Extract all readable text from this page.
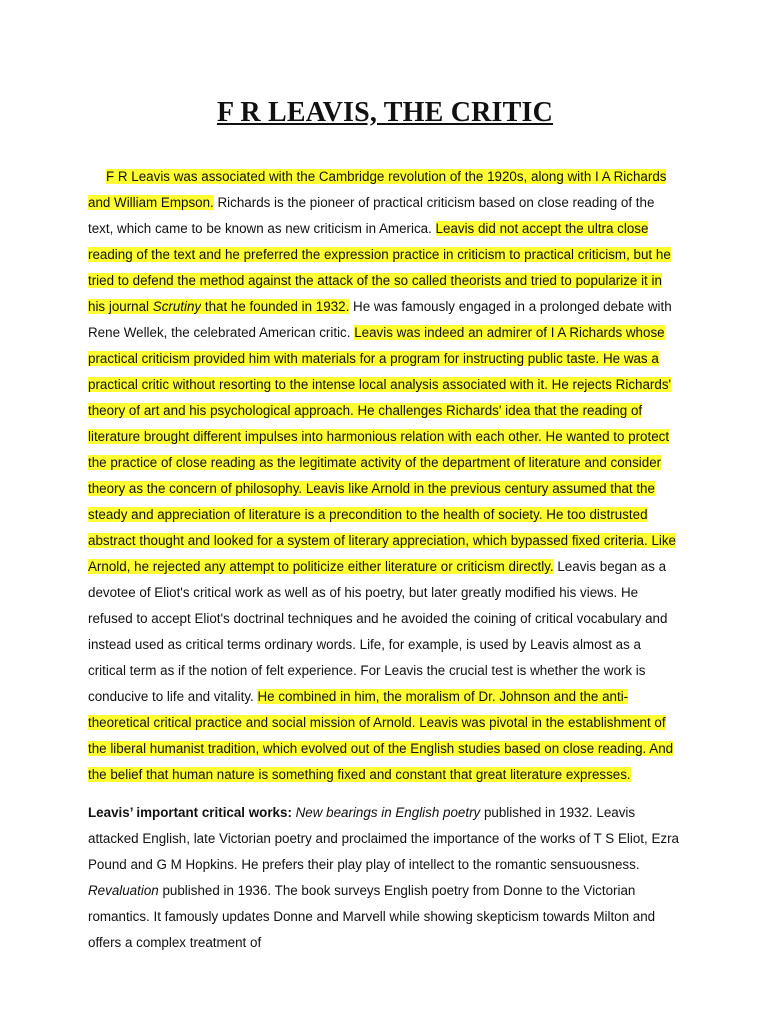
F R LEAVIS, THE CRITIC

F R Leavis was associated with the Cambridge revolution of the 1920s, along with I A Richards and William Empson. Richards is the pioneer of practical criticism based on close reading of the text, which came to be known as new criticism in America. Leavis did not accept the ultra close reading of the text and he preferred the expression practice in criticism to practical criticism, but he tried to defend the method against the attack of the so called theorists and tried to popularize it in his journal Scrutiny that he founded in 1932. He was famously engaged in a prolonged debate with Rene Wellek, the celebrated American critic. Leavis was indeed an admirer of I A Richards whose practical criticism provided him with materials for a program for instructing public taste. He was a practical critic without resorting to the intense local analysis associated with it. He rejects Richards' theory of art and his psychological approach. He challenges Richards' idea that the reading of literature brought different impulses into harmonious relation with each other. He wanted to protect the practice of close reading as the legitimate activity of the department of literature and consider theory as the concern of philosophy. Leavis like Arnold in the previous century assumed that the steady and appreciation of literature is a precondition to the health of society. He too distrusted abstract thought and looked for a system of literary appreciation, which bypassed fixed criteria. Like Arnold, he rejected any attempt to politicize either literature or criticism directly. Leavis began as a devotee of Eliot's critical work as well as of his poetry, but later greatly modified his views. He refused to accept Eliot's doctrinal techniques and he avoided the coining of critical vocabulary and instead used as critical terms ordinary words. Life, for example, is used by Leavis almost as a critical term as if the notion of felt experience. For Leavis the crucial test is whether the work is conducive to life and vitality. He combined in him, the moralism of Dr. Johnson and the anti-theoretical critical practice and social mission of Arnold. Leavis was pivotal in the establishment of the liberal humanist tradition, which evolved out of the English studies based on close reading. And the belief that human nature is something fixed and constant that great literature expresses.

Leavis’ important critical works: New bearings in English poetry published in 1932. Leavis attacked English, late Victorian poetry and proclaimed the importance of the works of T S Eliot, Ezra Pound and G M Hopkins. He prefers their play play of intellect to the romantic sensuousness. Revaluation published in 1936. The book surveys English poetry from Donne to the Victorian romantics. It famously updates Donne and Marvell while showing skepticism towards Milton and offers a complex treatment of
